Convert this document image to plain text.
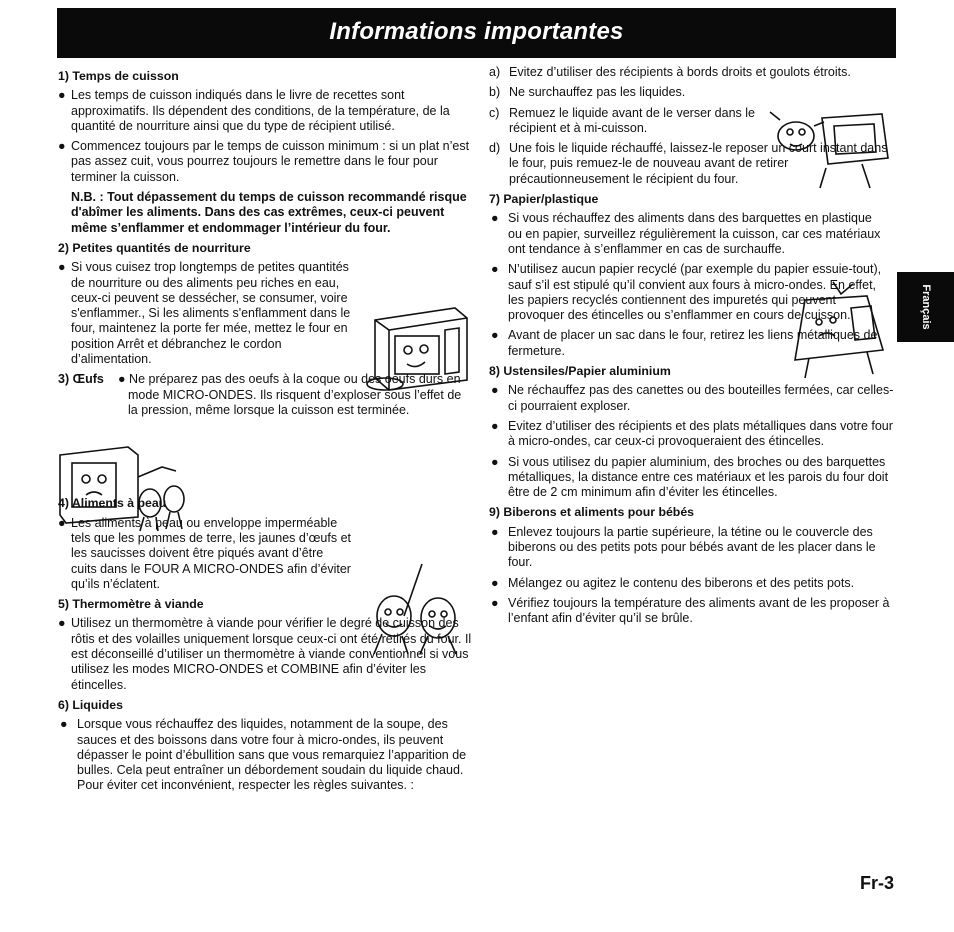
Informations importantes
Français
1) Temps de cuisson
● Les temps de cuisson indiqués dans le livre de recettes sont approximatifs. Ils dépendent des conditions, de la température, de la quantité de nourriture ainsi que du type de récipient utilisé.
● Commencez toujours par le temps de cuisson minimum : si un plat n’est pas assez cuit, vous pourrez toujours le remettre dans le four pour terminer la cuisson.
N.B. : Tout dépassement du temps de cuisson recommandé risque d'abîmer les aliments. Dans des cas extrêmes, ceux-ci peuvent même s’enflammer et endommager l’intérieur du four.
2) Petites quantités de nourriture
● Si vous cuisez trop longtemps de petites quantités de nourriture ou des aliments peu riches en eau, ceux-ci peuvent se dessécher, se consumer, voire s'enflammer., Si les aliments s'enflamment dans le four, maintenez la porte fer mée, mettez le four en position Arrêt et débranchez le cordon d’alimentation.
3) Œufs ● Ne préparez pas des oeufs à la coque ou des oeufs durs en mode MICRO-ONDES. Ils risquent d’exploser sous l’effet de la pression, même lorsque la cuisson est terminée.
4) Aliments à peau
● Les aliments à peau ou enveloppe imperméable tels que les pommes de terre, les jaunes d’œufs et les saucisses doivent être piqués avant d’être cuits dans le FOUR A MICRO-ONDES afin d’éviter qu’ils n’éclatent.
5) Thermomètre à viande
● Utilisez un thermomètre à viande pour vérifier le degré de cuisson des rôtis et des volailles uniquement lorsque ceux-ci ont été retirés du four. Il est déconseillé d’utiliser un thermomètre à viande conventionnel si vous utilisez les modes MICRO-ONDES et COMBINE afin d’éviter les étincelles.
6) Liquides
● Lorsque vous réchauffez des liquides, notamment de la soupe, des sauces et des boissons dans votre four à micro-ondes, ils peuvent dépasser le point d’ébullition sans que vous remarquiez l’apparition de bulles. Cela peut entraîner un débordement soudain du liquide chaud. Pour éviter cet inconvénient, respecter les règles suivantes. :
a) Evitez d’utiliser des récipients à bords droits et goulots étroits.
b) Ne surchauffez pas les liquides.
c) Remuez le liquide avant de le verser dans le récipient et à mi-cuisson.
d) Une fois le liquide réchauffé, laissez-le reposer un court instant dans le four, puis remuez-le de nouveau avant de retirer précautionneusement le récipient du four.
7) Papier/plastique
● Si vous réchauffez des aliments dans des barquettes en plastique ou en papier, surveillez régulièrement la cuisson, car ces matériaux ont tendance à s’enflammer en cas de surchauffe.
● N’utilisez aucun papier recyclé (par exemple du papier essuie-tout), sauf s’il est stipulé qu’il convient aux fours à micro-ondes. En effet, les papiers recyclés contiennent des impuretés qui peuvent provoquer des étincelles ou s’enflammer en cours de cuisson.
● Avant de placer un sac dans le four, retirez les liens métalliques de fermeture.
8) Ustensiles/Papier aluminium
● Ne réchauffez pas des canettes ou des bouteilles fermées, car celles-ci pourraient exploser.
● Evitez d’utiliser des récipients et des plats métalliques dans votre four à micro-ondes, car ceux-ci provoqueraient des étincelles.
● Si vous utilisez du papier aluminium, des broches ou des barquettes métalliques, la distance entre ces matériaux et les parois du four doit être de 2 cm minimum afin d’éviter les étincelles.
9) Biberons et aliments pour bébés
● Enlevez toujours la partie supérieure, la tétine ou le couvercle des biberons ou des petits pots pour bébés avant de les placer dans le four.
● Mélangez ou agitez le contenu des biberons et des petits pots.
● Vérifiez toujours la température des aliments avant de les proposer à l’enfant afin d’éviter qu’il se brûle.
Fr-3
